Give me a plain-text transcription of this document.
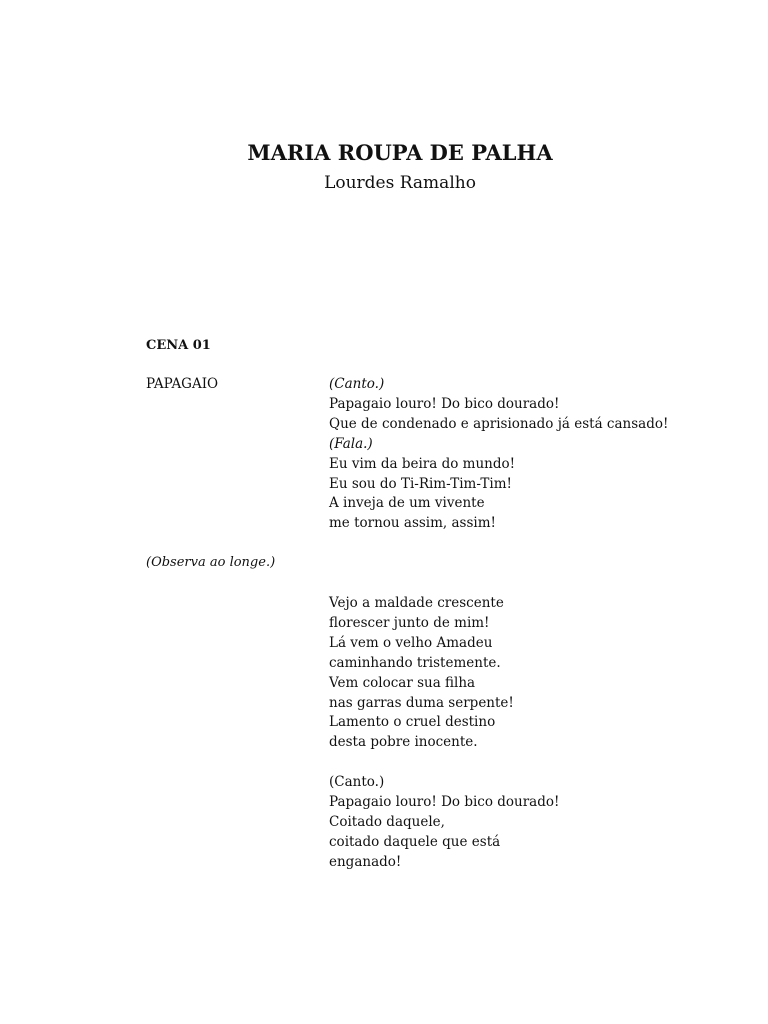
MARIA ROUPA DE PALHA
Lourdes Ramalho
CENA 01
PAPAGAIO
(Observa ao longe.)
(Canto.)
Papagaio louro! Do bico dourado!
Que de condenado e aprisionado já está cansado!
(Fala.)
Eu vim da beira do mundo!
Eu sou do Ti-Rim-Tim-Tim!
A inveja de um vivente
me tornou assim, assim!
Vejo a maldade crescente
florescer junto de mim!
Lá vem o velho Amadeu
caminhando tristemente.
Vem colocar sua filha
nas garras duma serpente!
Lamento o cruel destino
desta pobre inocente.
(Canto.)
Papagaio louro! Do bico dourado!
Coitado daquele,
coitado daquele que está
enganado!
